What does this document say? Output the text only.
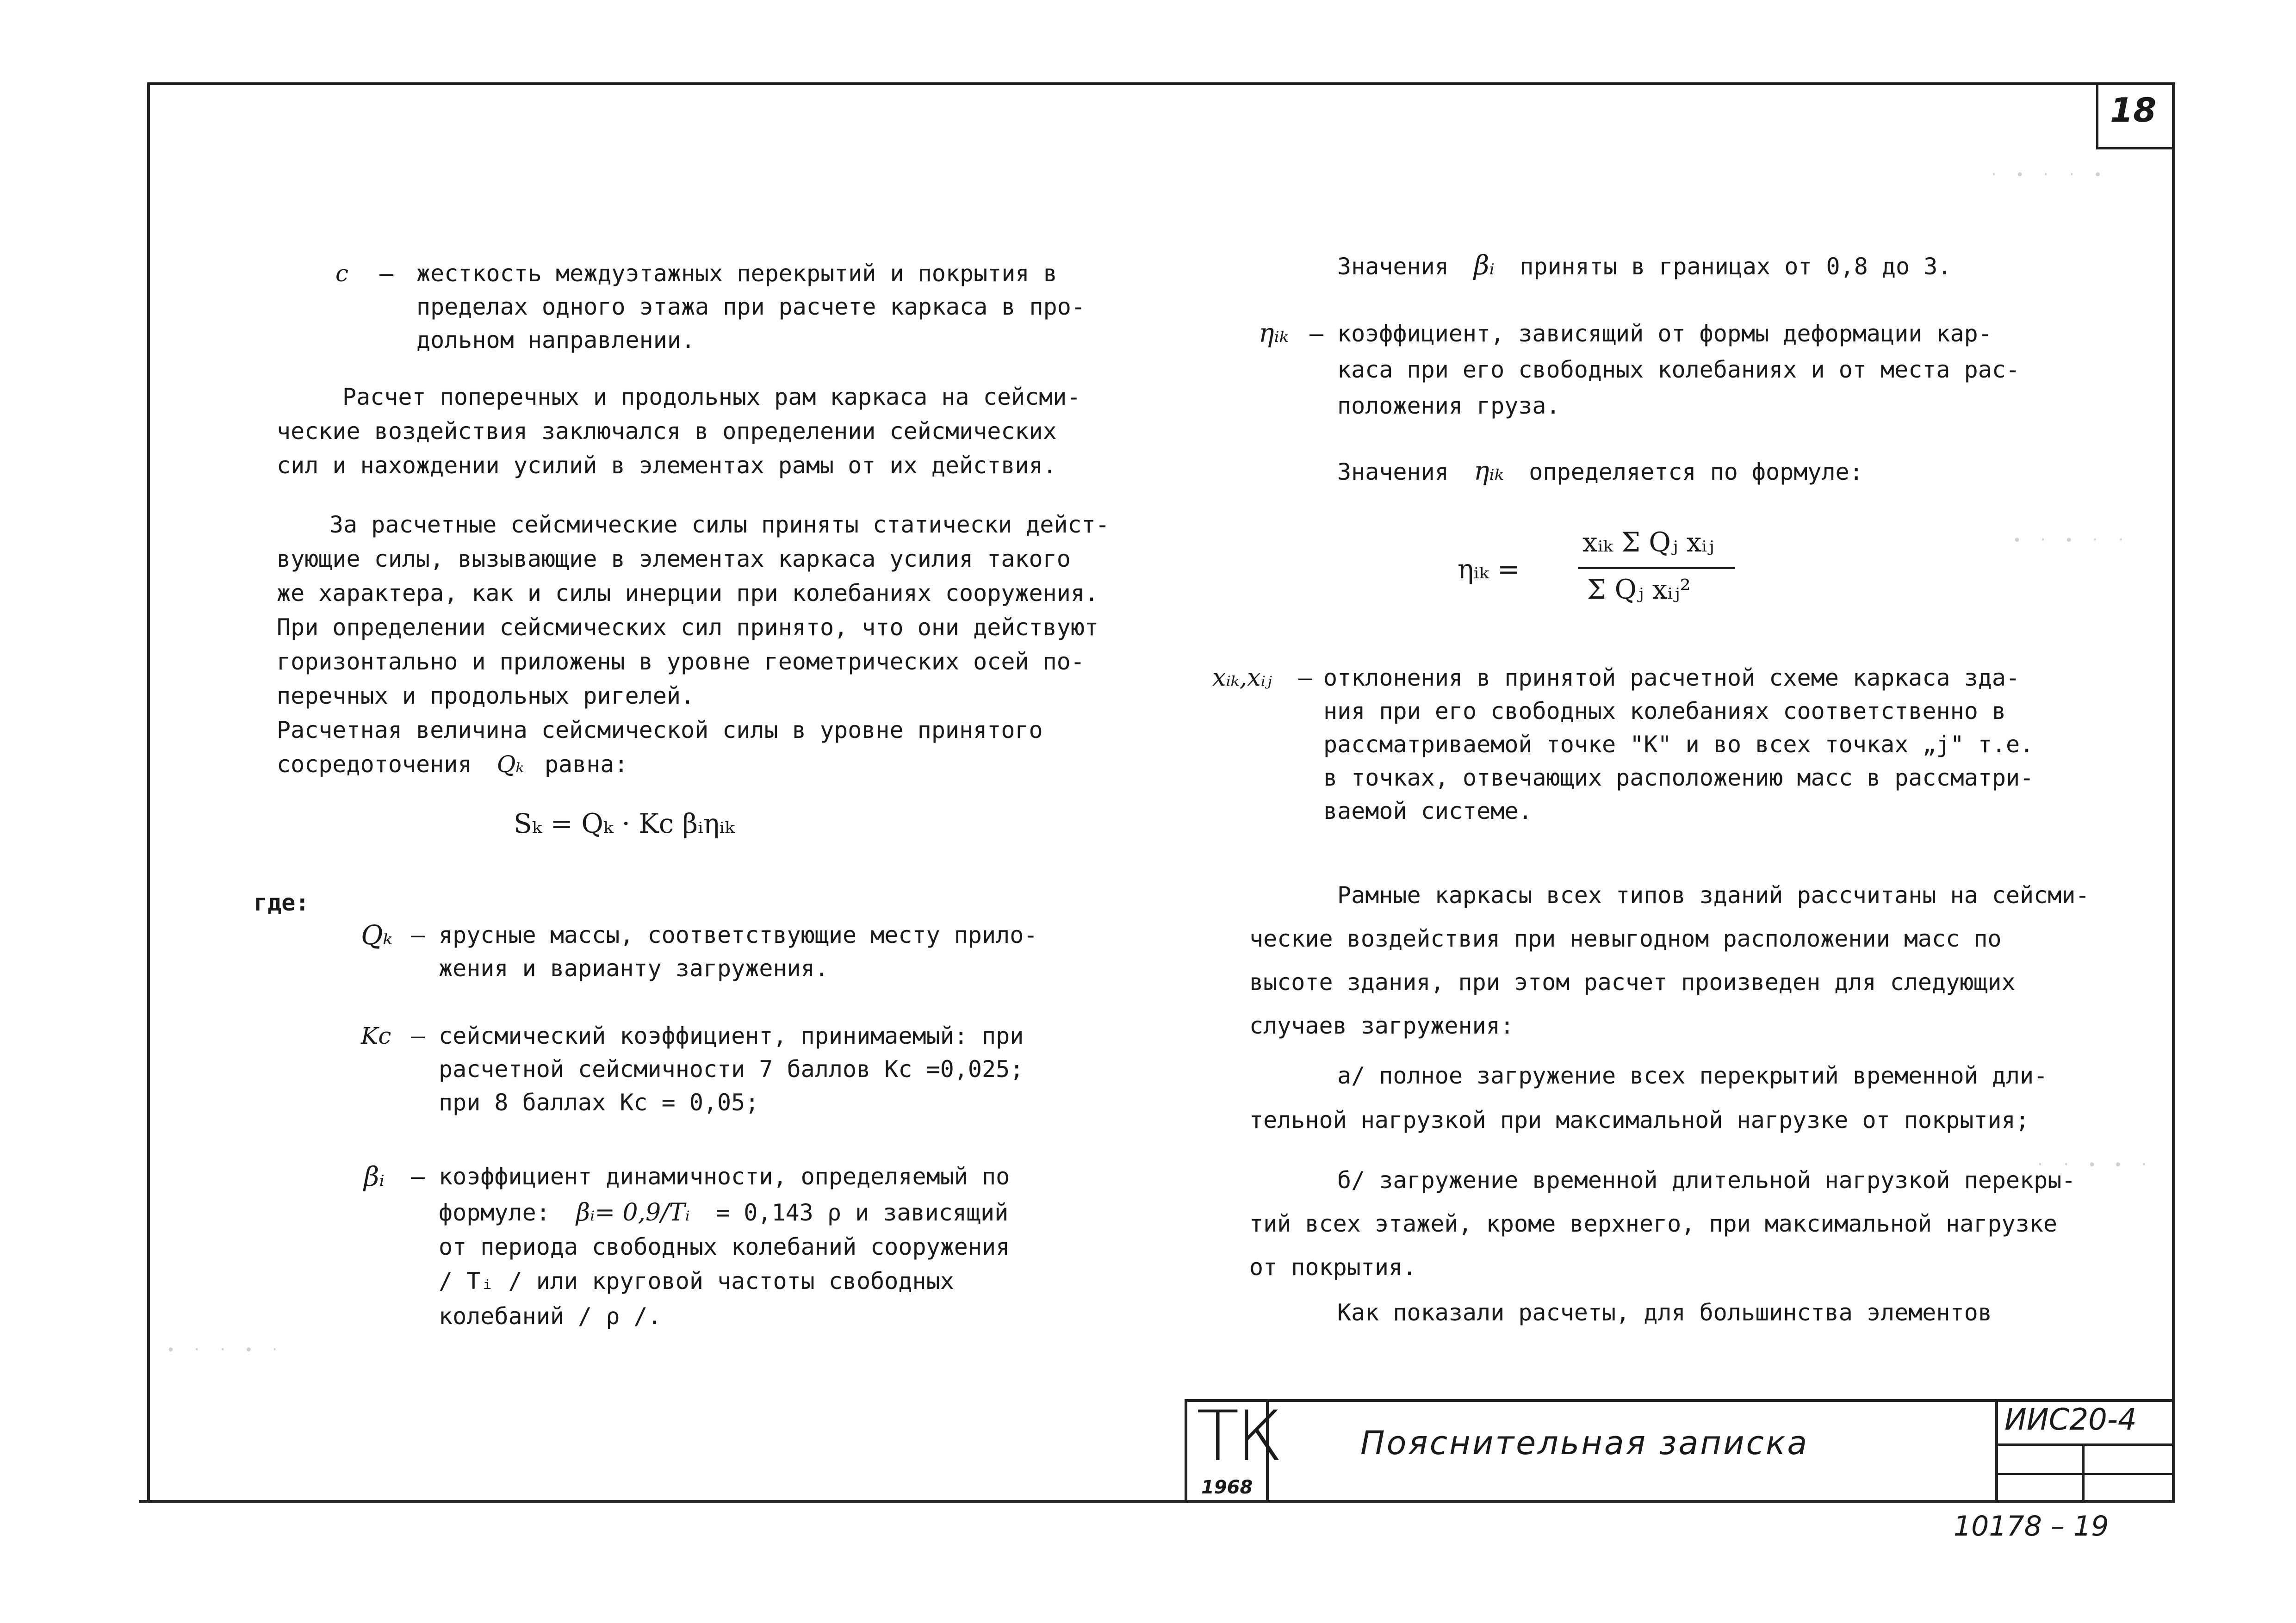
18
с – жесткость междуэтажных перекрытий и покрытия в
пределах одного этажа при расчете каркаса в про-
дольном направлении.
Расчет поперечных и продольных рам каркаса на сейсми-
ческие воздействия заключался в определении сейсмических
сил и нахождении усилий в элементах рамы от их действия.
За расчетные сейсмические силы приняты статически дейст-
вующие силы, вызывающие в элементах каркаса усилия такого
же характера, как и силы инерции при колебаниях сооружения.
При определении сейсмических сил принято, что они действуют
горизонтально и приложены в уровне геометрических осей по-
перечных и продольных ригелей.
Расчетная величина сейсмической силы в уровне принятого
сосредоточения Qₖ равна:
Sₖ = Qₖ · Kc βᵢηᵢₖ
где:
Qₖ – ярусные массы, соответствующие месту прило-
жения и варианту загружения.
Kc – сейсмический коэффициент, принимаемый: при
расчетной сейсмичности 7 баллов Kc =0,025;
при 8 баллах Kc = 0,05;
βᵢ – коэффициент динамичности, определяемый по
формуле: βᵢ= 0,9/Tᵢ = 0,143 ρ и зависящий
от периода свободных колебаний сооружения
/ Tᵢ / или круговой частоты свободных
колебаний / ρ /.
Значения βᵢ приняты в границах от 0,8 до 3.
ηᵢₖ – коэффициент, зависящий от формы деформации кар-
каса при его свободных колебаниях и от места рас-
положения груза.
Значения ηᵢₖ определяется по формуле:
ηᵢₖ =
xᵢₖ Σ Qⱼ xᵢⱼ
Σ Qⱼ xᵢⱼ²
xᵢₖ,xᵢⱼ – отклонения в принятой расчетной схеме каркаса зда-
ния при его свободных колебаниях соответственно в
рассматриваемой точке "К" и во всех точках „j" т.е.
в точках, отвечающих расположению масс в рассматри-
ваемой системе.
Рамные каркасы всех типов зданий рассчитаны на сейсми-
ческие воздействия при невыгодном расположении масс по
высоте здания, при этом расчет произведен для следующих
случаев загружения:
а/ полное загружение всех перекрытий временной дли-
тельной нагрузкой при максимальной нагрузке от покрытия;
б/ загружение временной длительной нагрузкой перекры-
тий всех этажей, кроме верхнего, при максимальной нагрузке
от покрытия.
Как показали расчеты, для большинства элементов
ТК
1968
Пояснительная записка
ИИС20-4
10178 – 19
· ∙ · · ∙
∙ · ∙ · ·
· · ∙ ∙ ·
∙ · · ∙ ·
